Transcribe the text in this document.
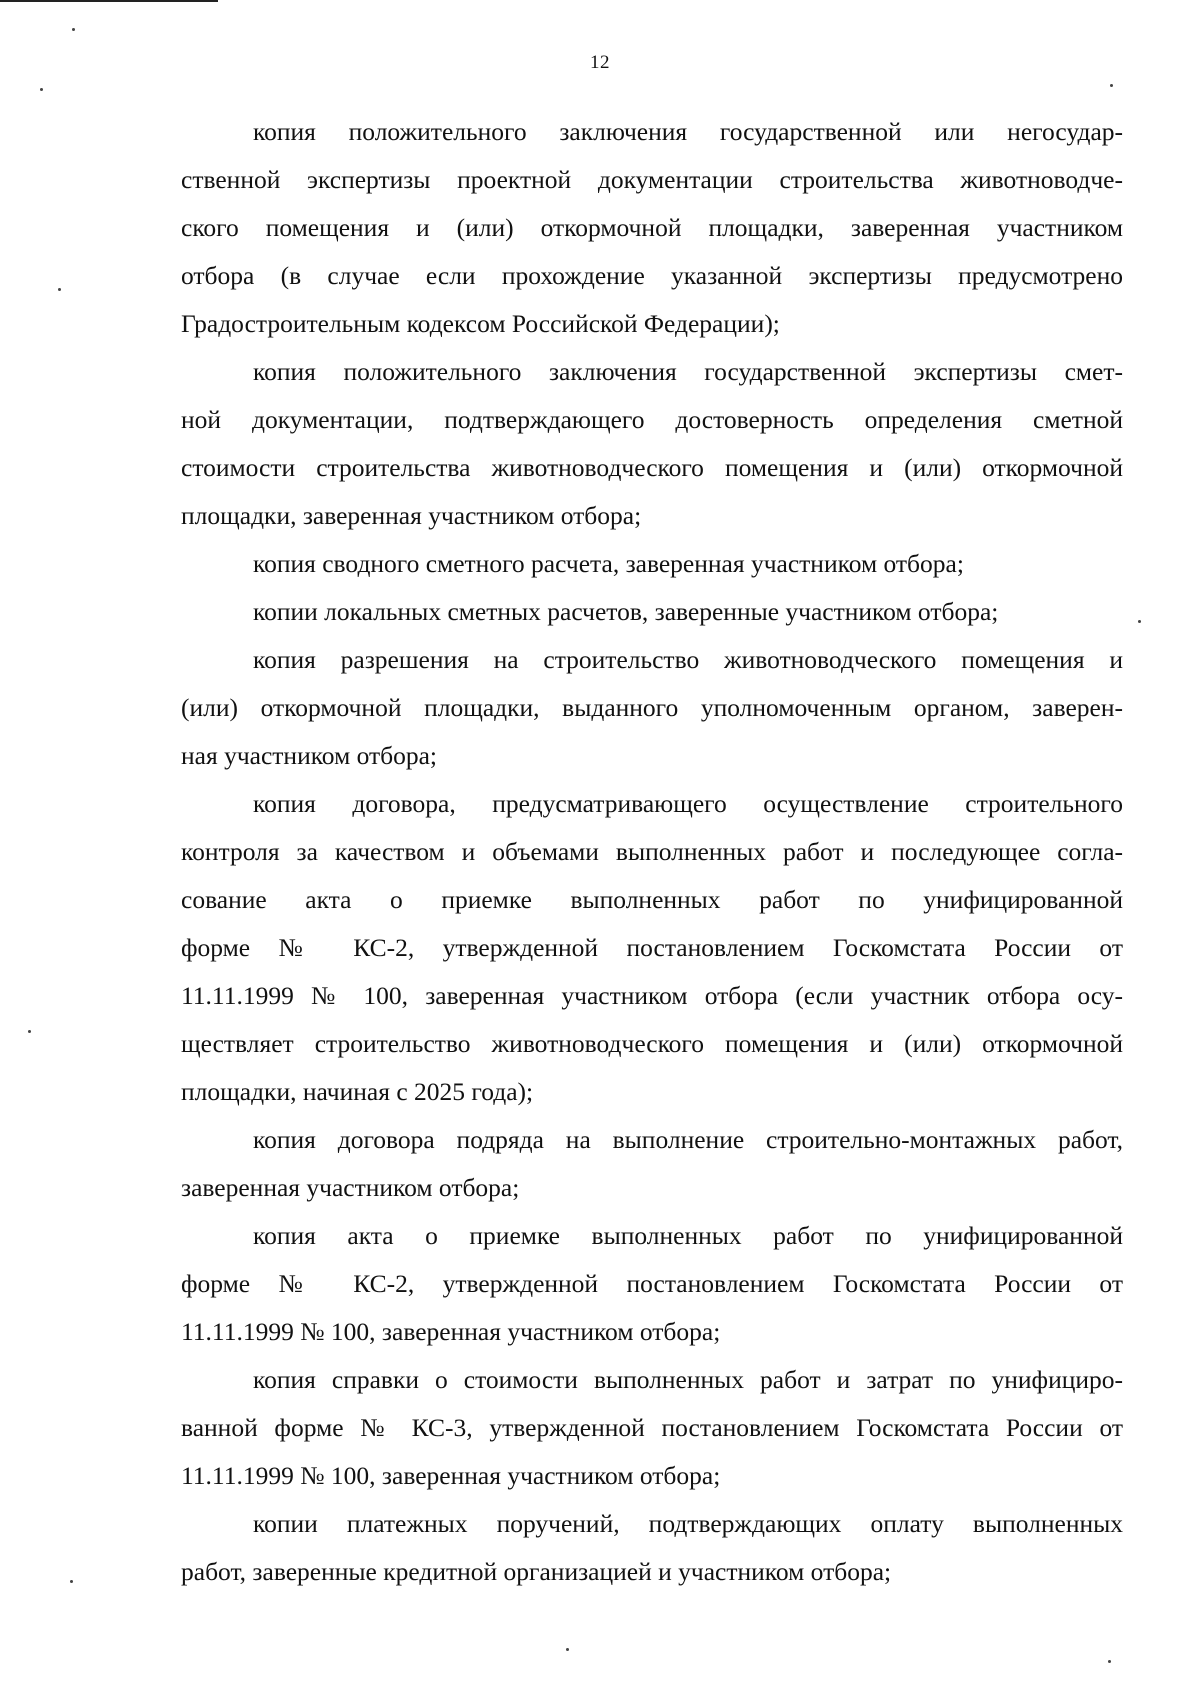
12
копия положительного заключения государственной или негосудар-
ственной экспертизы проектной документации строительства животноводче-
ского помещения и (или) откормочной площадки, заверенная участником
отбора (в случае если прохождение указанной экспертизы предусмотрено
Градостроительным кодексом Российской Федерации);
копия положительного заключения государственной экспертизы смет-
ной документации, подтверждающего достоверность определения сметной
стоимости строительства животноводческого помещения и (или) откормочной
площадки, заверенная участником отбора;
копия сводного сметного расчета, заверенная участником отбора;
копии локальных сметных расчетов, заверенные участником отбора;
копия разрешения на строительство животноводческого помещения и
(или) откормочной площадки, выданного уполномоченным органом, заверен-
ная участником отбора;
копия договора, предусматривающего осуществление строительного
контроля за качеством и объемами выполненных работ и последующее согла-
сование акта о приемке выполненных работ по унифицированной
форме № КС-2, утвержденной постановлением Госкомстата России от
11.11.1999 № 100, заверенная участником отбора (если участник отбора осу-
ществляет строительство животноводческого помещения и (или) откормочной
площадки, начиная с 2025 года);
копия договора подряда на выполнение строительно-монтажных работ,
заверенная участником отбора;
копия акта о приемке выполненных работ по унифицированной
форме № КС-2, утвержденной постановлением Госкомстата России от
11.11.1999 № 100, заверенная участником отбора;
копия справки о стоимости выполненных работ и затрат по унифициро-
ванной форме № КС-3, утвержденной постановлением Госкомстата России от
11.11.1999 № 100, заверенная участником отбора;
копии платежных поручений, подтверждающих оплату выполненных
работ, заверенные кредитной организацией и участником отбора;
